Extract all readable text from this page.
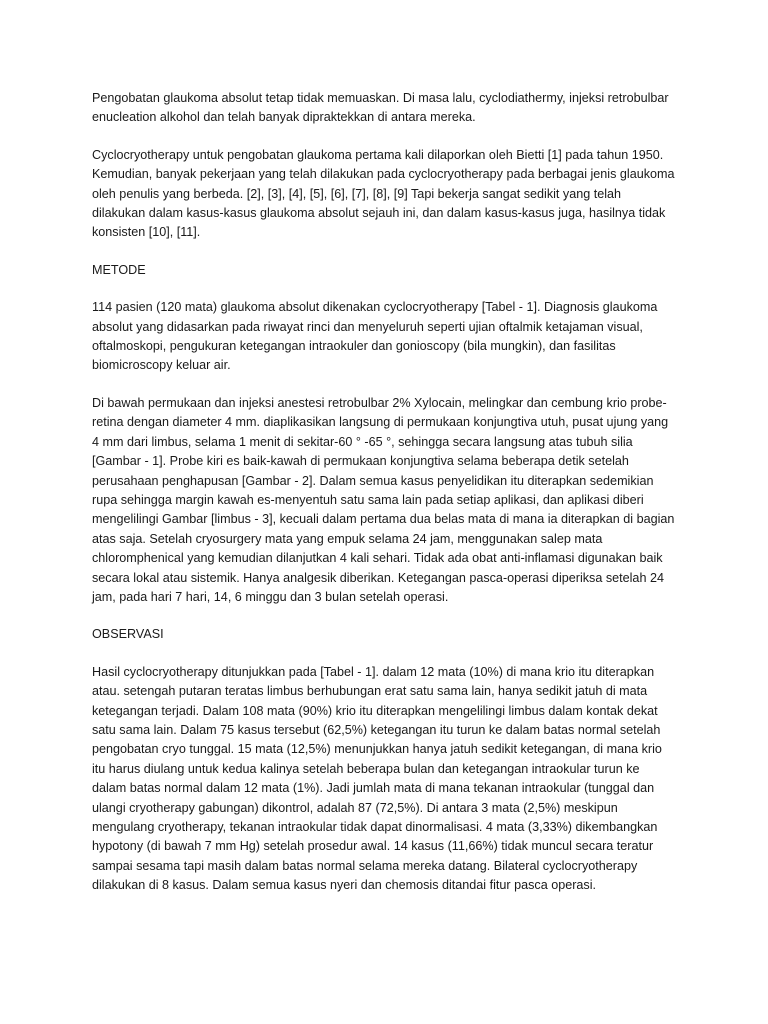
Pengobatan glaukoma absolut tetap tidak memuaskan. Di masa lalu, cyclodiathermy, injeksi retrobulbar
enucleation alkohol dan telah banyak dipraktekkan di antara mereka.
Cyclocryotherapy untuk pengobatan glaukoma pertama kali dilaporkan oleh Bietti [1] pada tahun 1950.
Kemudian, banyak pekerjaan yang telah dilakukan pada cyclocryotherapy pada berbagai jenis glaukoma
oleh penulis yang berbeda. [2], [3], [4], [5], [6], [7], [8], [9] Tapi bekerja sangat sedikit yang telah
dilakukan dalam kasus-kasus glaukoma absolut sejauh ini, dan dalam kasus-kasus juga, hasilnya tidak
konsisten [10], [11].
METODE
114 pasien (120 mata) glaukoma absolut dikenakan cyclocryotherapy [Tabel - 1]. Diagnosis glaukoma
absolut yang didasarkan pada riwayat rinci dan menyeluruh seperti ujian oftalmik ketajaman visual,
oftalmoskopi, pengukuran ketegangan intraokuler dan gonioscopy (bila mungkin), dan fasilitas
biomicroscopy keluar air.
Di bawah permukaan dan injeksi anestesi retrobulbar 2% Xylocain, melingkar dan cembung krio probe-
retina dengan diameter 4 mm. diaplikasikan langsung di permukaan konjungtiva utuh, pusat ujung yang
4 mm dari limbus, selama 1 menit di sekitar-60 ° -65 °, sehingga secara langsung atas tubuh silia
[Gambar - 1]. Probe kiri es baik-kawah di permukaan konjungtiva selama beberapa detik setelah
perusahaan penghapusan [Gambar - 2]. Dalam semua kasus penyelidikan itu diterapkan sedemikian
rupa sehingga margin kawah es-menyentuh satu sama lain pada setiap aplikasi, dan aplikasi diberi
mengelilingi Gambar [limbus - 3], kecuali dalam pertama dua belas mata di mana ia diterapkan di bagian
atas saja. Setelah cryosurgery mata yang empuk selama 24 jam, menggunakan salep mata
chloromphenical yang kemudian dilanjutkan 4 kali sehari. Tidak ada obat anti-inflamasi digunakan baik
secara lokal atau sistemik. Hanya analgesik diberikan. Ketegangan pasca-operasi diperiksa setelah 24
jam, pada hari 7 hari, 14, 6 minggu dan 3 bulan setelah operasi.
OBSERVASI
Hasil cyclocryotherapy ditunjukkan pada [Tabel - 1]. dalam 12 mata (10%) di mana krio itu diterapkan
atau. setengah putaran teratas limbus berhubungan erat satu sama lain, hanya sedikit jatuh di mata
ketegangan terjadi. Dalam 108 mata (90%) krio itu diterapkan mengelilingi limbus dalam kontak dekat
satu sama lain. Dalam 75 kasus tersebut (62,5%) ketegangan itu turun ke dalam batas normal setelah
pengobatan cryo tunggal. 15 mata (12,5%) menunjukkan hanya jatuh sedikit ketegangan, di mana krio
itu harus diulang untuk kedua kalinya setelah beberapa bulan dan ketegangan intraokular turun ke
dalam batas normal dalam 12 mata (1%). Jadi jumlah mata di mana tekanan intraokular (tunggal dan
ulangi cryotherapy gabungan) dikontrol, adalah 87 (72,5%). Di antara 3 mata (2,5%) meskipun
mengulang cryotherapy, tekanan intraokular tidak dapat dinormalisasi. 4 mata (3,33%) dikembangkan
hypotony (di bawah 7 mm Hg) setelah prosedur awal. 14 kasus (11,66%) tidak muncul secara teratur
sampai sesama tapi masih dalam batas normal selama mereka datang. Bilateral cyclocryotherapy
dilakukan di 8 kasus. Dalam semua kasus nyeri dan chemosis ditandai fitur pasca operasi.
